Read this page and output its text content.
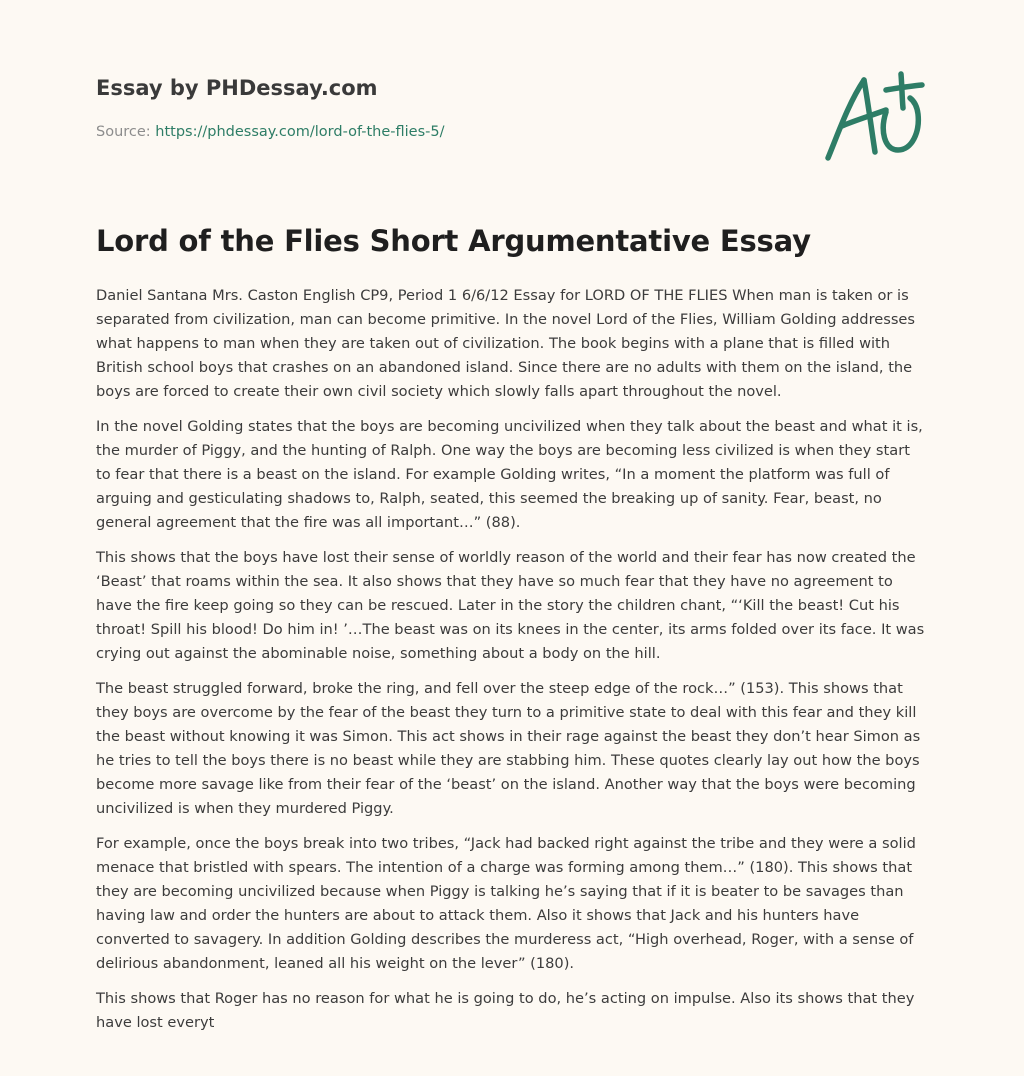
Essay by PHDessay.com
Source: https://phdessay.com/lord-of-the-flies-5/
Lord of the Flies Short Argumentative Essay

Daniel Santana Mrs. Caston English CP9, Period 1 6/6/12 Essay for LORD OF THE FLIES When man is taken or is separated from civilization, man can become primitive. In the novel Lord of the Flies, William Golding addresses what happens to man when they are taken out of civilization. The book begins with a plane that is filled with British school boys that crashes on an abandoned island. Since there are no adults with them on the island, the boys are forced to create their own civil society which slowly falls apart throughout the novel.

In the novel Golding states that the boys are becoming uncivilized when they talk about the beast and what it is, the murder of Piggy, and the hunting of Ralph. One way the boys are becoming less civilized is when they start to fear that there is a beast on the island. For example Golding writes, “In a moment the platform was full of arguing and gesticulating shadows to, Ralph, seated, this seemed the breaking up of sanity. Fear, beast, no general agreement that the fire was all important…” (88).

This shows that the boys have lost their sense of worldly reason of the world and their fear has now created the ‘Beast’ that roams within the sea. It also shows that they have so much fear that they have no agreement to have the fire keep going so they can be rescued. Later in the story the children chant, “‘Kill the beast! Cut his throat! Spill his blood! Do him in! ’…The beast was on its knees in the center, its arms folded over its face. It was crying out against the abominable noise, something about a body on the hill.

The beast struggled forward, broke the ring, and fell over the steep edge of the rock…” (153). This shows that they boys are overcome by the fear of the beast they turn to a primitive state to deal with this fear and they kill the beast without knowing it was Simon. This act shows in their rage against the beast they don’t hear Simon as he tries to tell the boys there is no beast while they are stabbing him. These quotes clearly lay out how the boys become more savage like from their fear of the ‘beast’ on the island. Another way that the boys were becoming uncivilized is when they murdered Piggy.

For example, once the boys break into two tribes, “Jack had backed right against the tribe and they were a solid menace that bristled with spears. The intention of a charge was forming among them…” (180). This shows that they are becoming uncivilized because when Piggy is talking he’s saying that if it is beater to be savages than having law and order the hunters are about to attack them. Also it shows that Jack and his hunters have converted to savagery. In addition Golding describes the murderess act, “High overhead, Roger, with a sense of delirious abandonment, leaned all his weight on the lever” (180).

This shows that Roger has no reason for what he is going to do, he’s acting on impulse. Also its shows that they have lost everyt
